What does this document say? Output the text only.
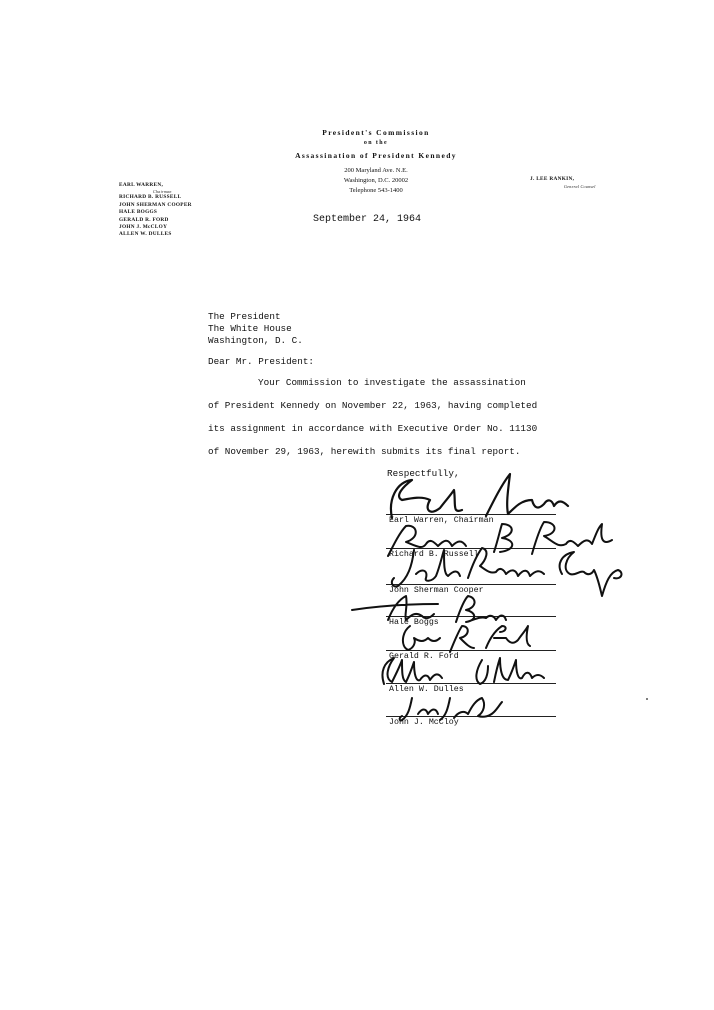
President's Commission
on the
Assassination of President Kennedy
200 Maryland Ave. N.E.
Washington, D.C. 20002
Telephone 543-1400
EARL WARREN,
Chairman
RICHARD B. RUSSELL
JOHN SHERMAN COOPER
HALE BOGGS
GERALD R. FORD
JOHN J. McCLOY
ALLEN W. DULLES
J. LEE RANKIN,
General Counsel
September 24, 1964
The President
The White House
Washington, D. C.
Dear Mr. President:
Your Commission to investigate the assassination
of President Kennedy on November 22, 1963, having completed
its assignment in accordance with Executive Order No. 11130
of November 29, 1963, herewith submits its final report.
Respectfully,
Earl Warren, Chairman
Richard B. Russell
John Sherman Cooper
Hale Boggs
Gerald R. Ford
Allen W. Dulles
John J. McCloy
